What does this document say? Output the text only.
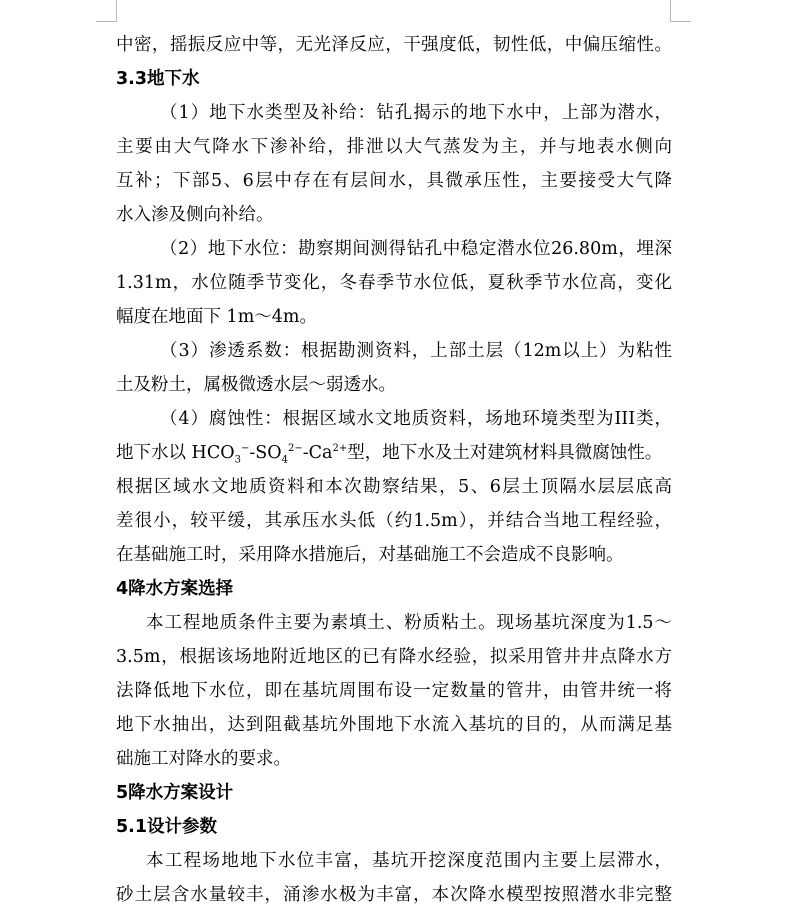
中密，摇振反应中等，无光泽反应，干强度低，韧性低，中偏压缩性。
3.3地下水
（1）地下水类型及补给：钻孔揭示的地下水中，上部为潜水，
主要由大气降水下渗补给，排泄以大气蒸发为主，并与地表水侧向
互补；下部5、6层中存在有层间水，具微承压性，主要接受大气降
水入渗及侧向补给。
（2）地下水位：勘察期间测得钻孔中稳定潜水位26.80m，埋深
1.31m，水位随季节变化，冬春季节水位低，夏秋季节水位高，变化
幅度在地面下 1m～4m。
（3）渗透系数：根据勘测资料，上部土层（12m以上）为粘性
土及粉土，属极微透水层～弱透水。
（4）腐蚀性：根据区域水文地质资料，场地环境类型为III类，
地下水以 $HCO_3^--SO_4^{2-}-Ca^{2+}$型，地下水及土对建筑材料具微腐蚀性。
根据区域水文地质资料和本次勘察结果，5、6层土顶隔水层层底高
差很小，较平缓，其承压水头低（约1.5m），并结合当地工程经验，
在基础施工时，采用降水措施后，对基础施工不会造成不良影响。
4降水方案选择
本工程地质条件主要为素填土、粉质粘土。现场基坑深度为1.5～
3.5m，根据该场地附近地区的已有降水经验，拟采用管井井点降水方
法降低地下水位，即在基坑周围布设一定数量的管井，由管井统一将
地下水抽出，达到阻截基坑外围地下水流入基坑的目的，从而满足基
础施工对降水的要求。
5降水方案设计
5.1设计参数
本工程场地地下水位丰富，基坑开挖深度范围内主要上层滞水，
砂土层含水量较丰，涌渗水极为丰富，本次降水模型按照潜水非完整
